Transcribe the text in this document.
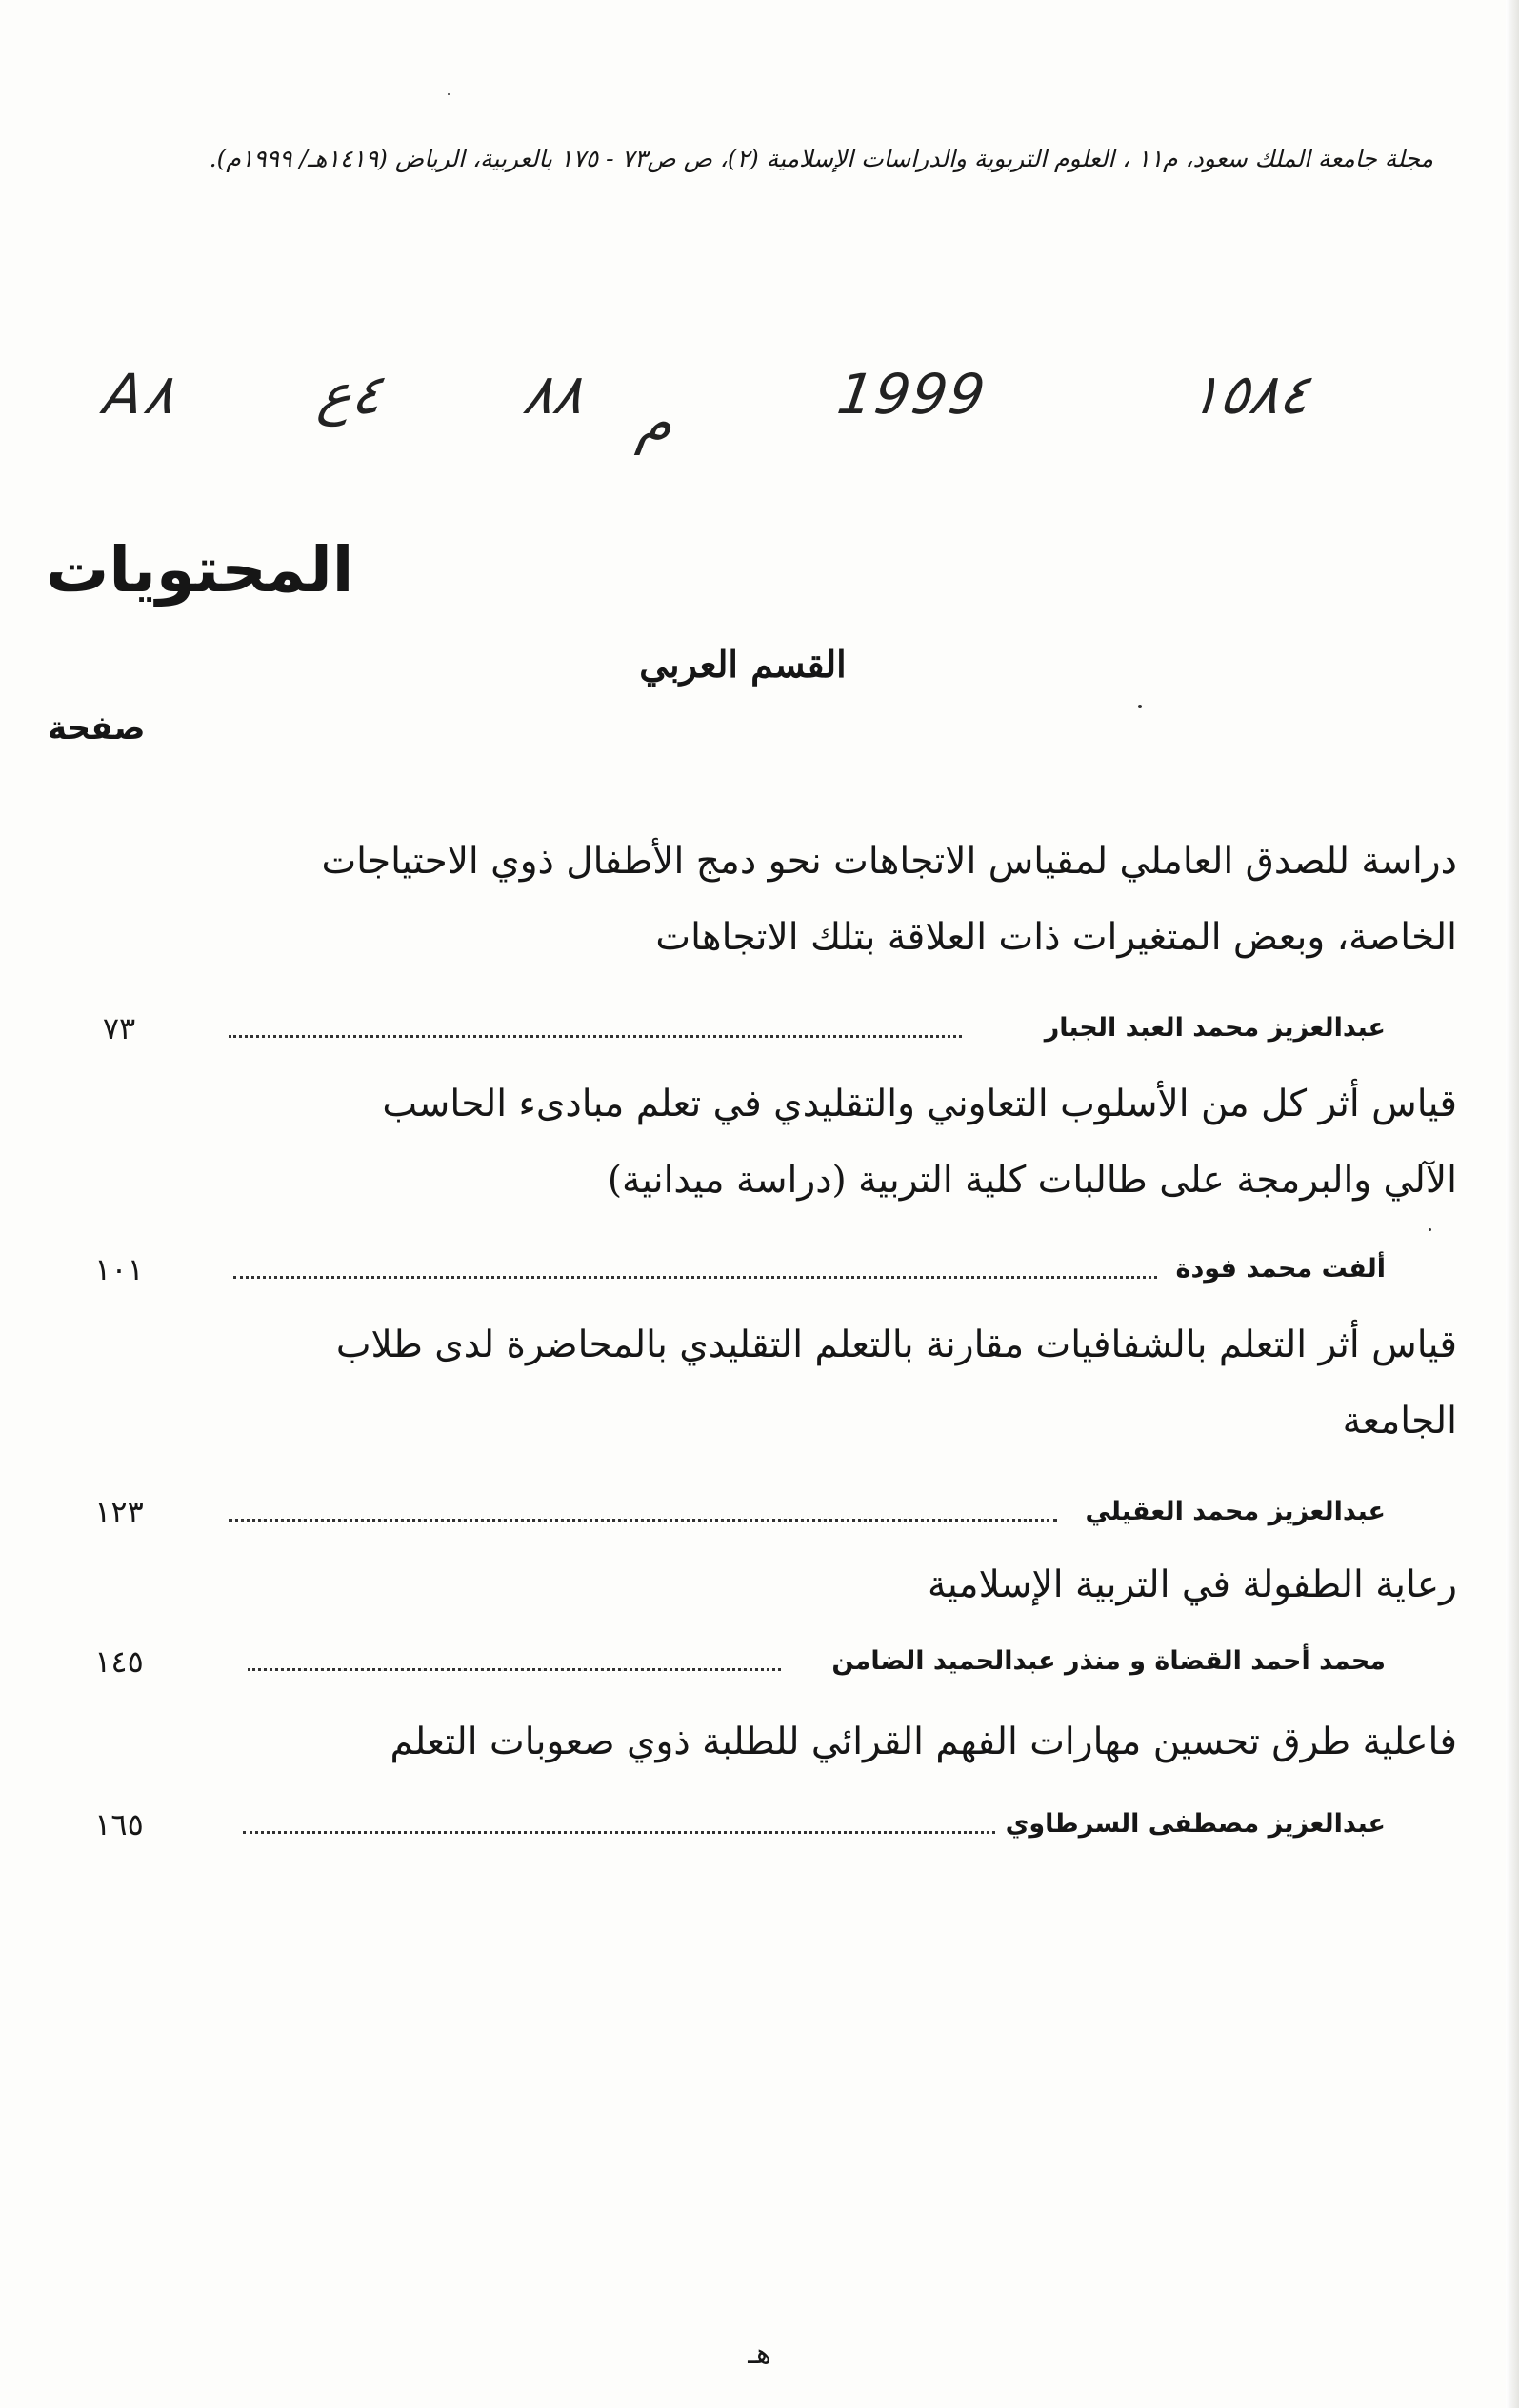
مجلة جامعة الملك سعود، م١١ ، العلوم التربوية والدراسات الإسلامية (٢)، ص ص٧٣ - ١٧٥ بالعربية، الرياض (١٤١٩هـ/ ١٩٩٩م).
A٨ ٤ع ٨٨ م	1999	١٥٨٤
المحتويات
القسم العربي
صفحة
دراسة للصدق العاملي لمقياس الاتجاهات نحو دمج الأطفال ذوي الاحتياجات
الخاصة، وبعض المتغيرات ذات العلاقة بتلك الاتجاهات
عبدالعزيز محمد العبد الجبار
٧٣
قياس أثر كل من الأسلوب التعاوني والتقليدي في تعلم مبادىء الحاسب
الآلي والبرمجة على طالبات كلية التربية (دراسة ميدانية)
ألفت محمد فودة
١٠١
قياس أثر التعلم بالشفافيات مقارنة بالتعلم التقليدي بالمحاضرة لدى طلاب
الجامعة
عبدالعزيز محمد العقيلي
١٢٣
رعاية الطفولة في التربية الإسلامية
محمد أحمد القضاة و منذر عبدالحميد الضامن
١٤٥
فاعلية طرق تحسين مهارات الفهم القرائي للطلبة ذوي صعوبات التعلم
عبدالعزيز مصطفى السرطاوي
١٦٥
هـ
